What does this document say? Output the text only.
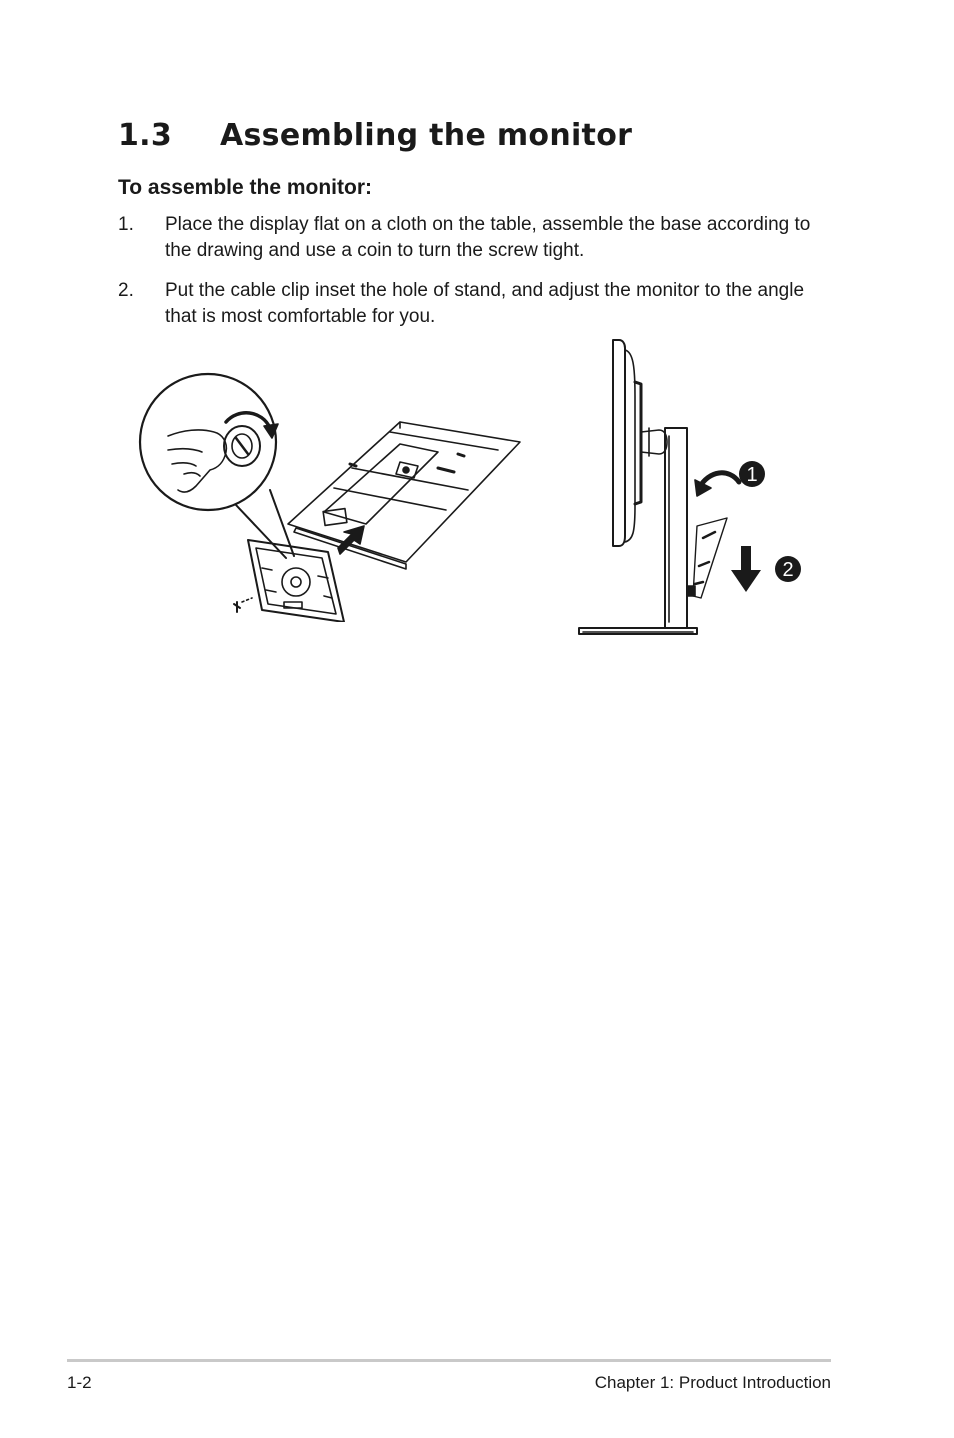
1.3 Assembling the monitor
To assemble the monitor:
1. Place the display flat on a cloth on the table, assemble the base according to the drawing and use a coin to turn the screw tight.
2. Put the cable clip inset the hole of stand, and adjust the monitor to the angle that is most comfortable for you.
1
2
1-2	Chapter 1: Product Introduction
